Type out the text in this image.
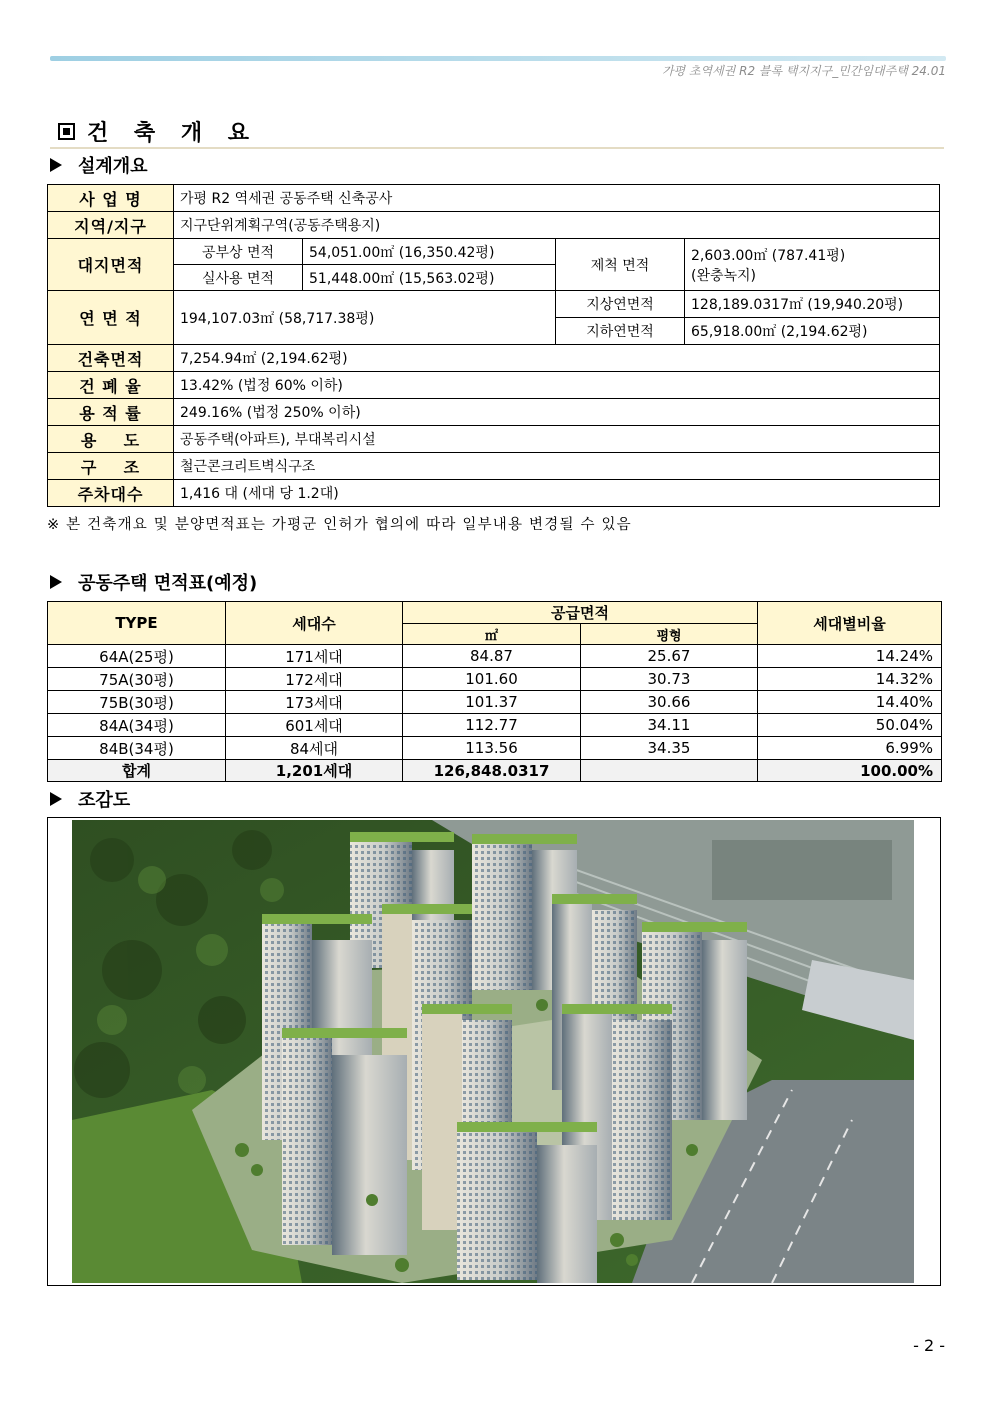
가평 초역세권 R2 블록 택지지구_민간임대주택 24.01
건 축 개 요
설계개요
사 업 명	가평 R2 역세권 공동주택 신축공사			
지역/지구	지구단위계획구역(공동주택용지)			
대지면적	공부상 면적	54,051.00㎡ (16,350.42평)	제척 면적	2,603.00㎡ (787.41평)
(완충녹지)

	실사용 면적	51,448.00㎡ (15,563.02평)		
연 면 적	194,107.03㎡ (58,717.38평)		지상연면적	128,189.0317㎡ (19,940.20평)
			지하연면적	65,918.00㎡ (2,194.62평)
건축면적	7,254.94㎡ (2,194.62평)			
건 폐 율	13.42% (법정 60% 이하)			
용 적 률	249.16% (법정 250% 이하)			
용    도	공동주택(아파트), 부대복리시설			
구    조	철근콘크리트벽식구조			
주차대수	1,416 대 (세대 당 1.2대)			
※ 본 건축개요 및 분양면적표는 가평군 인허가 협의에 따라 일부내용 변경될 수 있음
공동주택 면적표(예정)
TYPE	세대수	공급면적		세대별비율
		㎡	평형	
64A(25평)	171세대	84.87	25.67	14.24%
75A(30평)	172세대	101.60	30.73	14.32%
75B(30평)	173세대	101.37	30.66	14.40%
84A(34평)	601세대	112.77	34.11	50.04%
84B(34평)	84세대	113.56	34.35	6.99%
합계	1,201세대	126,848.0317		100.00%
조감도
- 2 -
